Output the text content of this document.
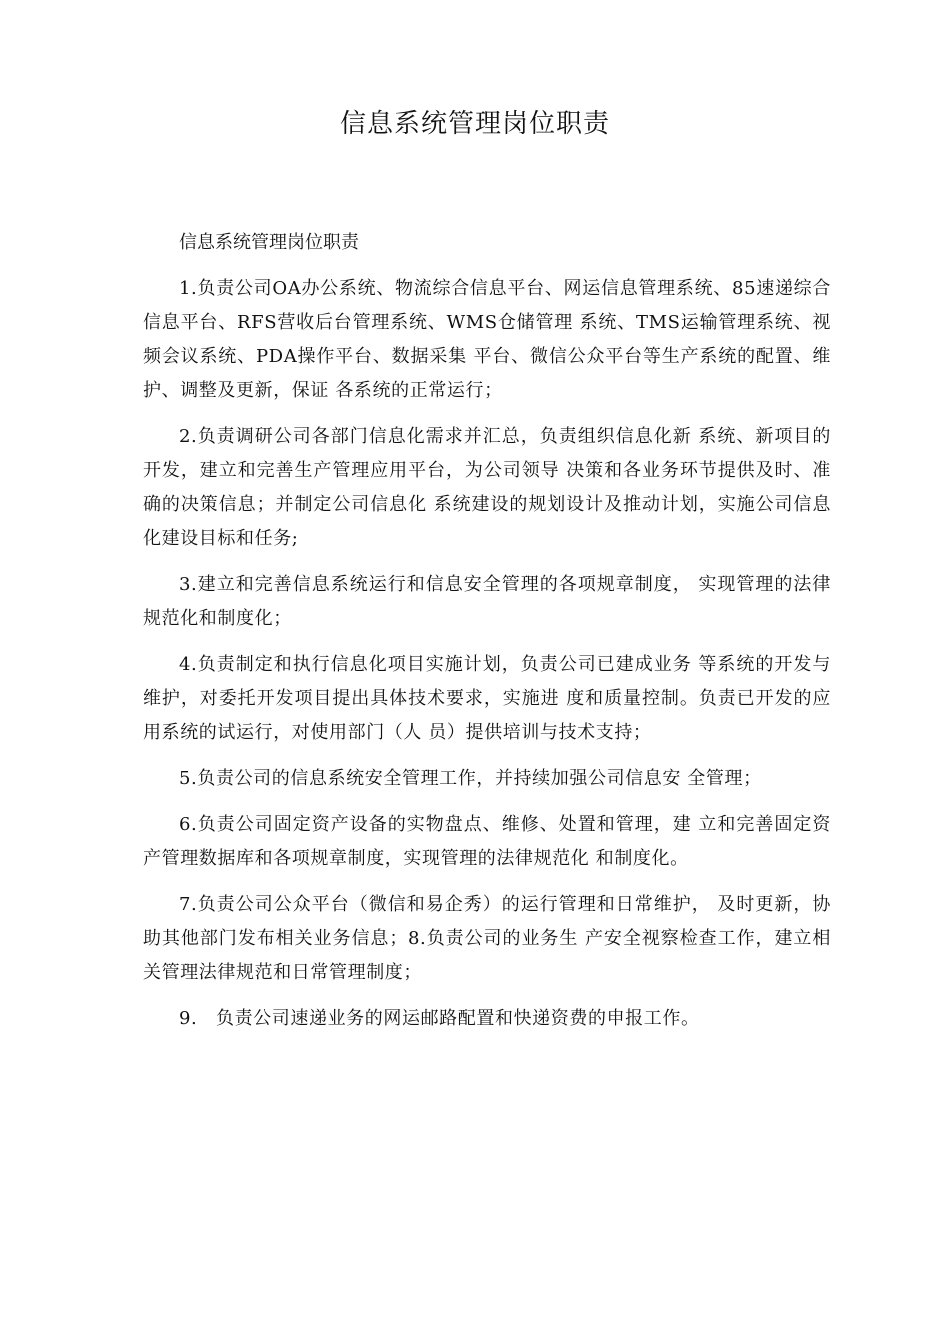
信息系统管理岗位职责

信息系统管理岗位职责

1.负责公司OA办公系统、物流综合信息平台、网运信息管理系统、85速递综合信息平台、RFS营收后台管理系统、WMS仓储管理 系统、TMS运输管理系统、视频会议系统、PDA操作平台、数据采集 平台、微信公众平台等生产系统的配置、维护、调整及更新，保证 各系统的正常运行；

2.负责调研公司各部门信息化需求并汇总，负责组织信息化新 系统、新项目的开发，建立和完善生产管理应用平台，为公司领导 决策和各业务环节提供及时、准确的决策信息；并制定公司信息化 系统建设的规划设计及推动计划，实施公司信息化建设目标和任务;

3.建立和完善信息系统运行和信息安全管理的各项规章制度， 实现管理的法律规范化和制度化；

4.负责制定和执行信息化项目实施计划，负责公司已建成业务 等系统的开发与维护，对委托开发项目提出具体技术要求，实施进 度和质量控制。负责已开发的应用系统的试运行，对使用部门（人 员）提供培训与技术支持；

5.负责公司的信息系统安全管理工作，并持续加强公司信息安 全管理；

6.负责公司固定资产设备的实物盘点、维修、处置和管理，建 立和完善固定资产管理数据库和各项规章制度，实现管理的法律规范化 和制度化。

7.负责公司公众平台（微信和易企秀）的运行管理和日常维护， 及时更新，协助其他部门发布相关业务信息；8.负责公司的业务生 产安全视察检查工作，建立相关管理法律规范和日常管理制度；

9.　负责公司速递业务的网运邮路配置和快递资费的申报工作。
